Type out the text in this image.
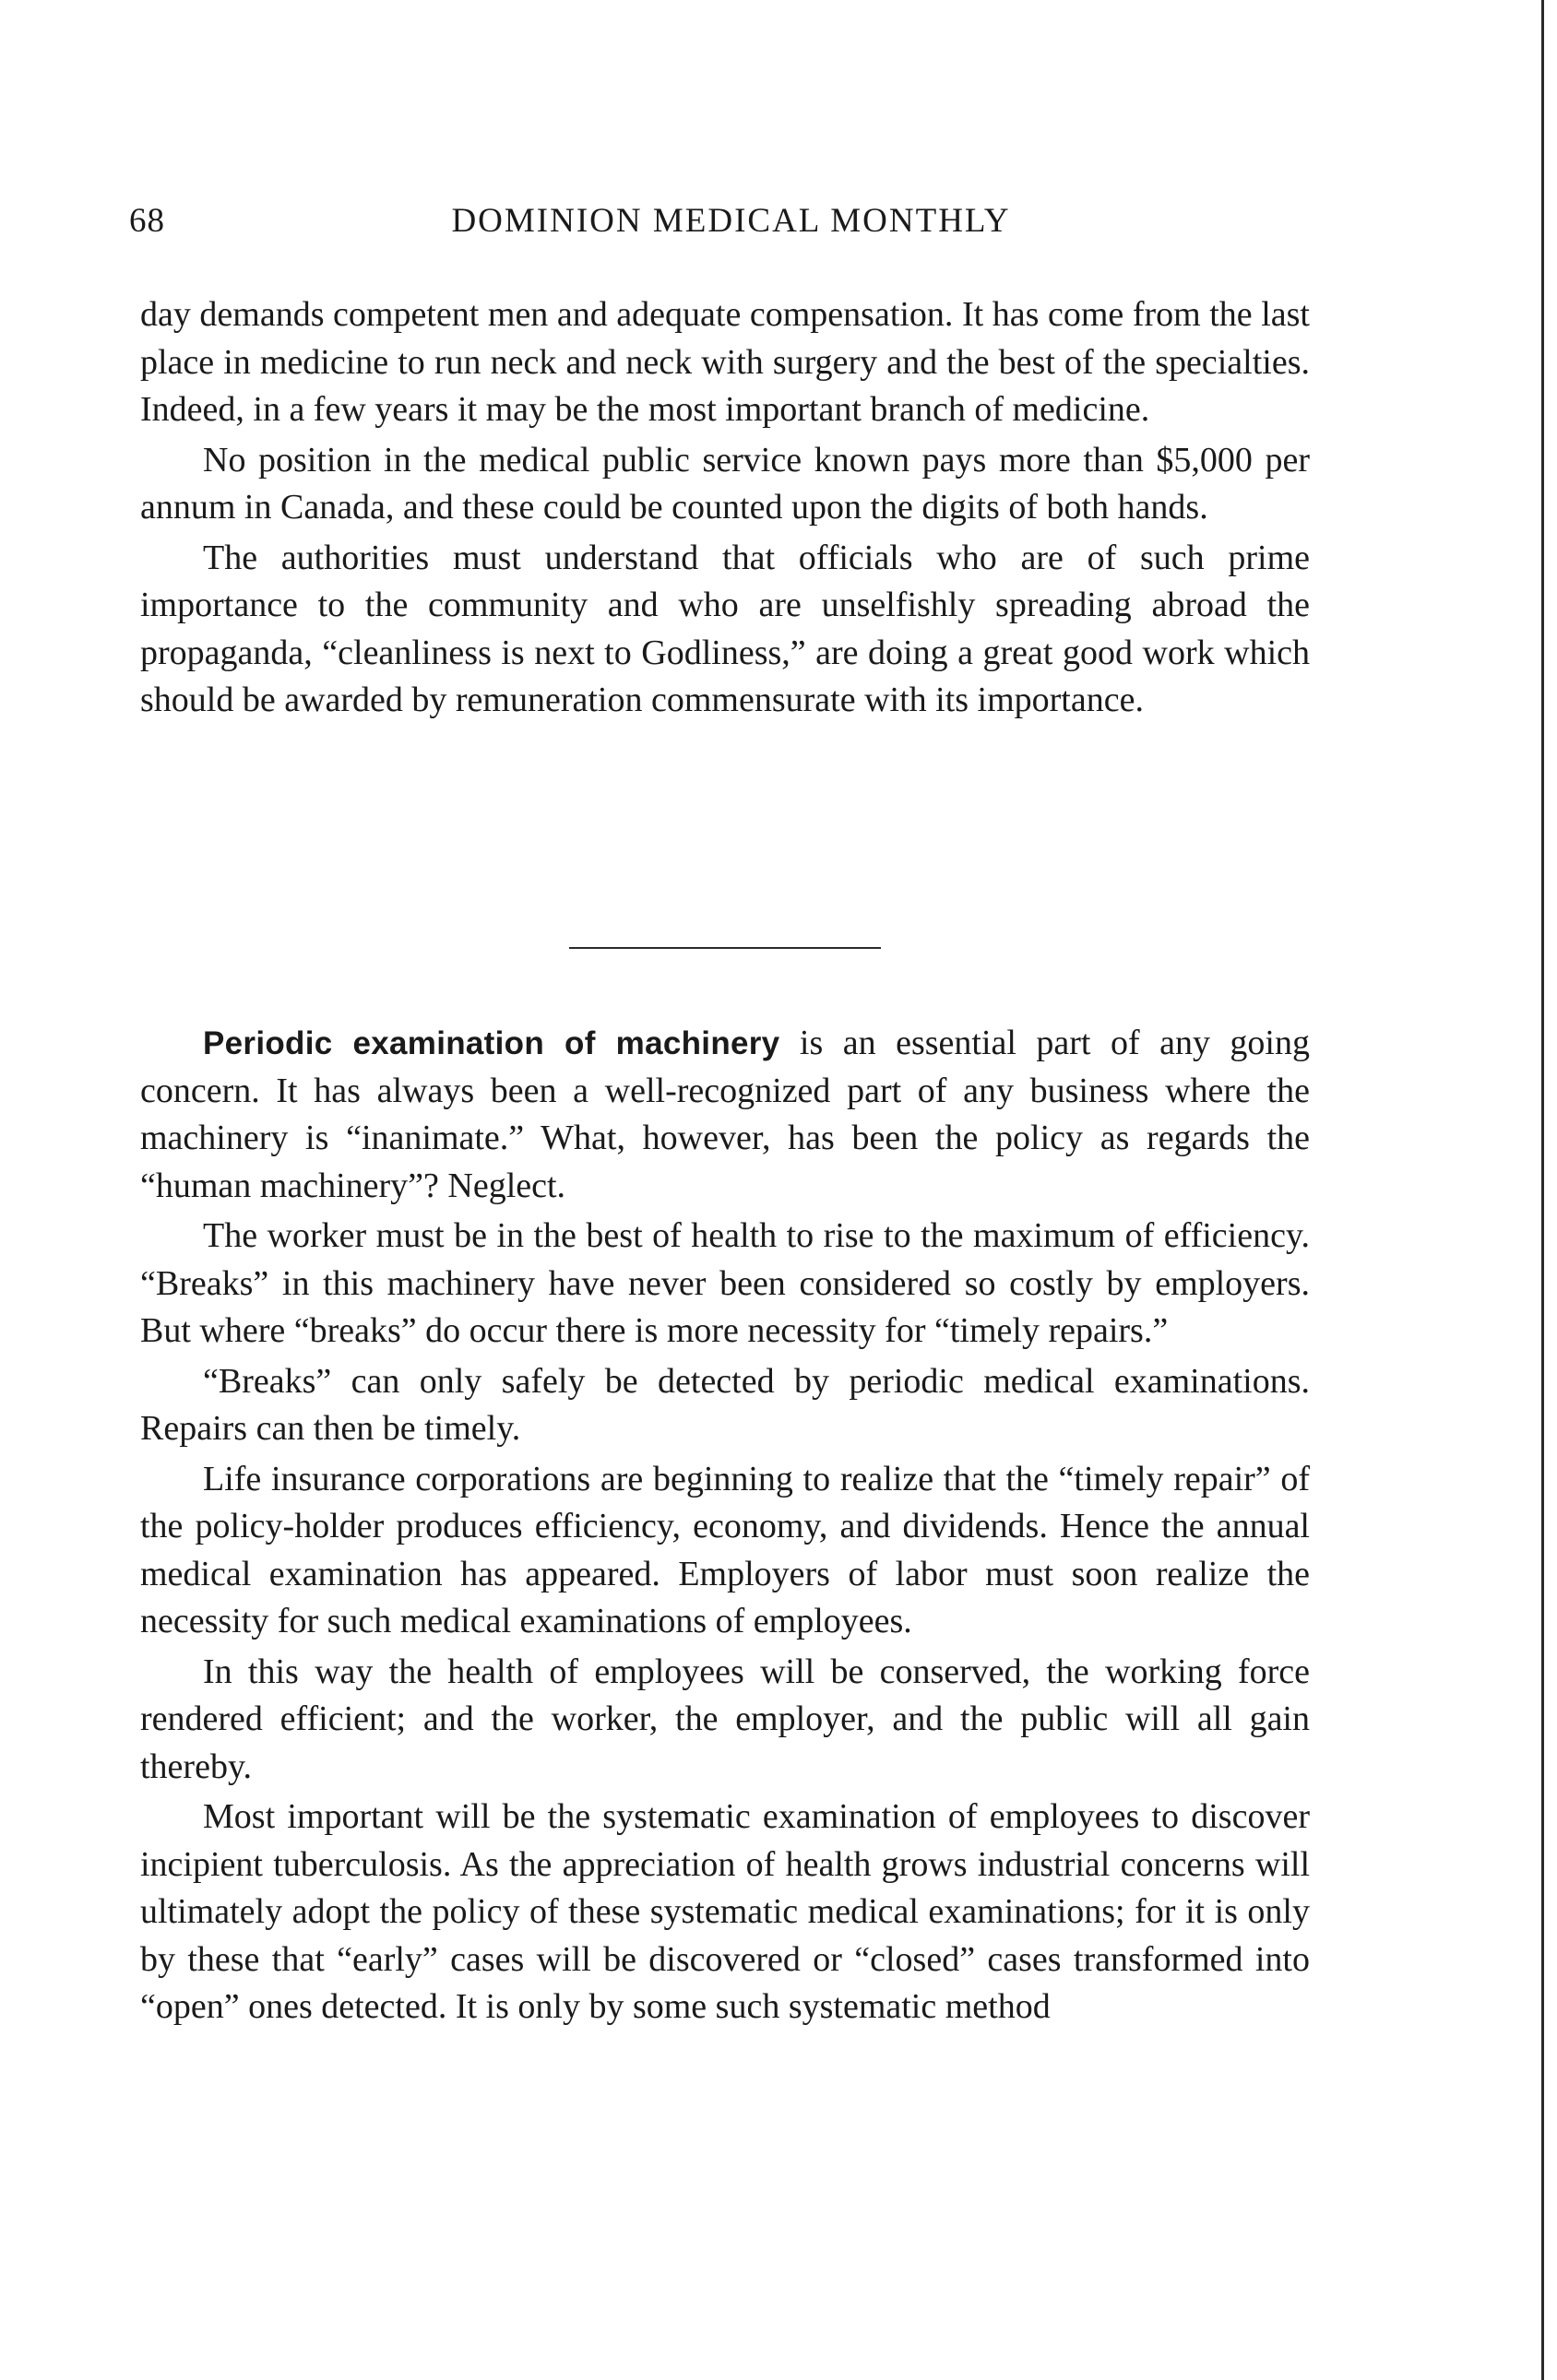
68	DOMINION MEDICAL MONTHLY

day demands competent men and adequate compensation. It has come from the last place in medicine to run neck and neck with surgery and the best of the specialties. Indeed, in a few years it may be the most important branch of medicine.

No position in the medical public service known pays more than $5,000 per annum in Canada, and these could be counted upon the digits of both hands.

The authorities must understand that officials who are of such prime importance to the community and who are unselfishly spreading abroad the propaganda, “cleanliness is next to Godliness,” are doing a great good work which should be awarded by remuneration commensurate with its importance.

Periodic examination of machinery is an essential part of any going concern. It has always been a well-recognized part of any business where the machinery is “inanimate.” What, however, has been the policy as regards the “human machinery”? Neglect.

The worker must be in the best of health to rise to the maximum of efficiency. “Breaks” in this machinery have never been considered so costly by employers. But where “breaks” do occur there is more necessity for “timely repairs.”

“Breaks” can only safely be detected by periodic medical examinations. Repairs can then be timely.

Life insurance corporations are beginning to realize that the “timely repair” of the policy-holder produces efficiency, economy, and dividends. Hence the annual medical examination has appeared. Employers of labor must soon realize the necessity for such medical examinations of employees.

In this way the health of employees will be conserved, the working force rendered efficient; and the worker, the employer, and the public will all gain thereby.

Most important will be the systematic examination of employees to discover incipient tuberculosis. As the appreciation of health grows industrial concerns will ultimately adopt the policy of these systematic medical examinations; for it is only by these that “early” cases will be discovered or “closed” cases transformed into “open” ones detected. It is only by some such systematic method
